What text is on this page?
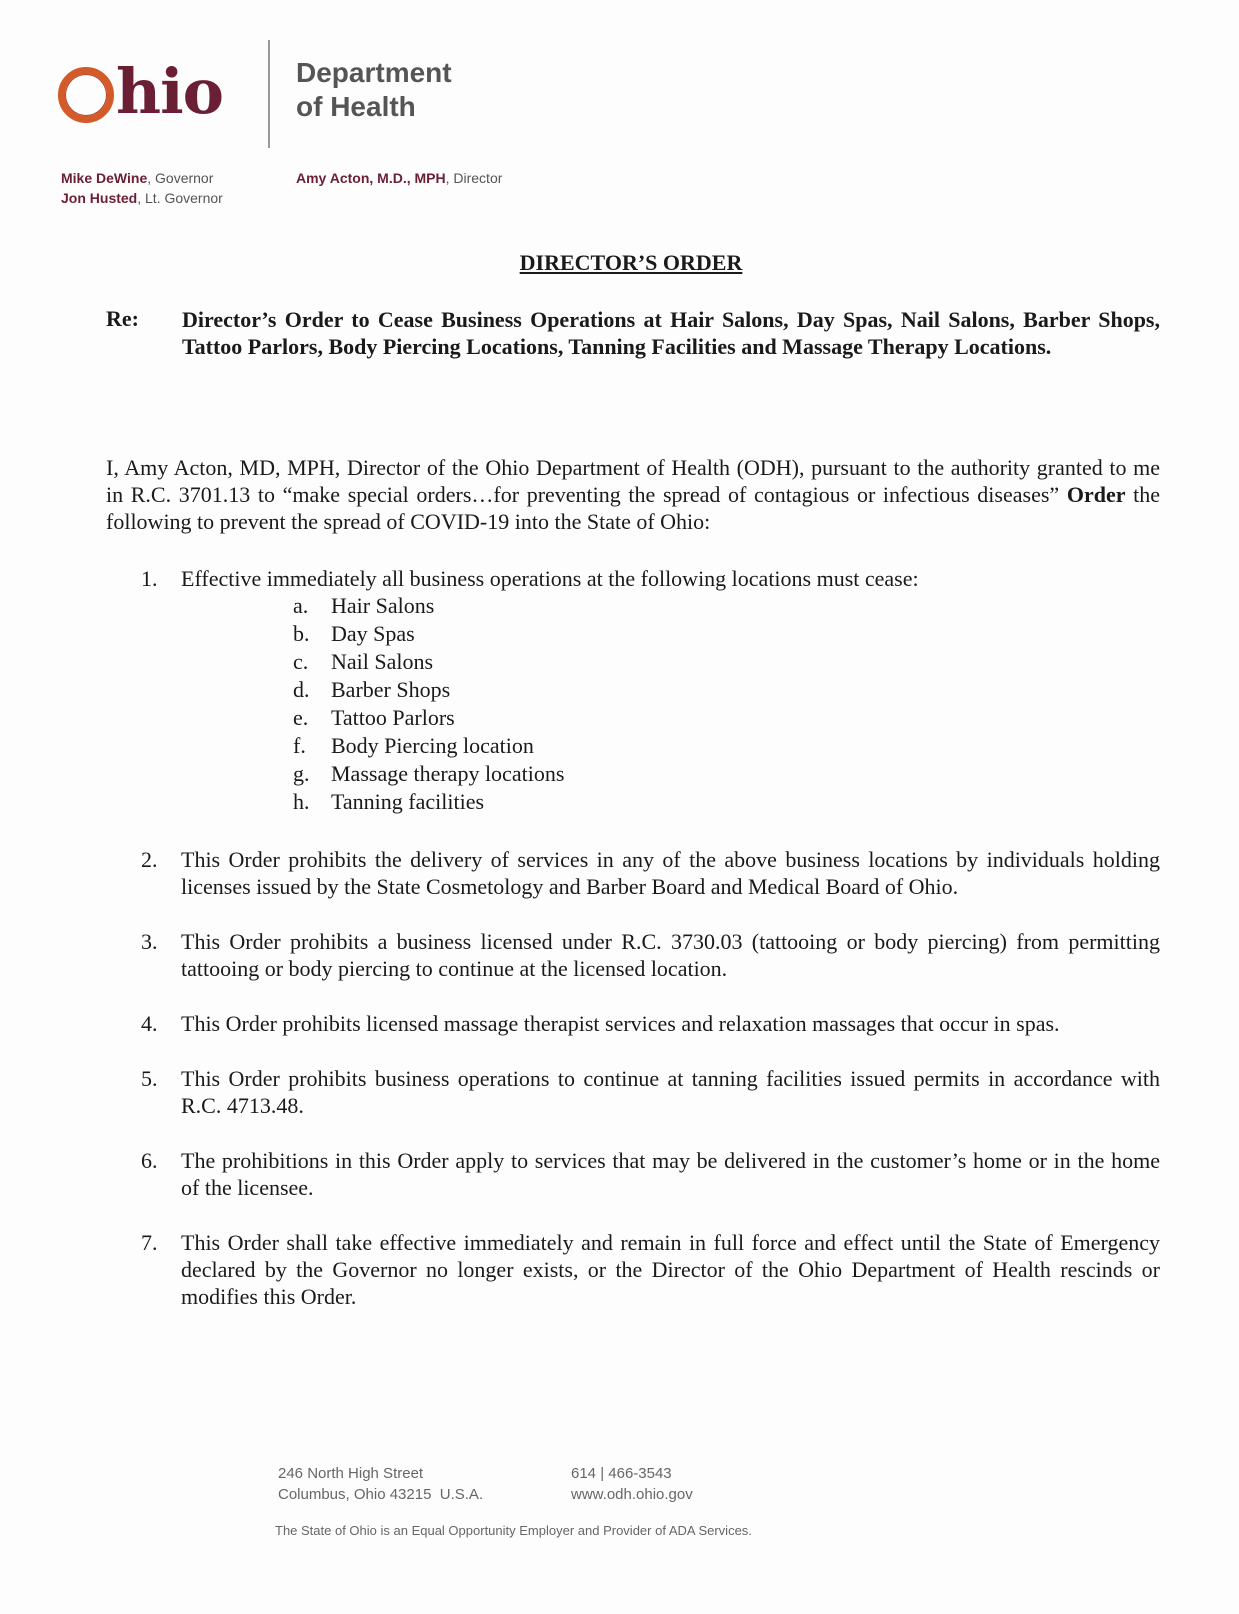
hio	Department
of Health
Mike DeWine, Governor
Jon Husted, Lt. Governor
Amy Acton, M.D., MPH, Director
DIRECTOR’S ORDER
Re: Director’s Order to Cease Business Operations at Hair Salons, Day Spas, Nail Salons, Barber Shops, Tattoo Parlors, Body Piercing Locations, Tanning Facilities and Massage Therapy Locations.
I, Amy Acton, MD, MPH, Director of the Ohio Department of Health (ODH), pursuant to the authority granted to me in R.C. 3701.13 to “make special orders…for preventing the spread of contagious or infectious diseases” Order the following to prevent the spread of COVID-19 into the State of Ohio:
1.	Effective immediately all business operations at the following locations must cease:
a.	Hair Salons
b. Day Spas
c.	Nail Salons
d. Barber Shops
e.	Tattoo Parlors
f.	Body Piercing location
g. Massage therapy locations
h. Tanning facilities
2.	This Order prohibits the delivery of services in any of the above business locations by individuals holding licenses issued by the State Cosmetology and Barber Board and Medical Board of Ohio.
3.	This Order prohibits a business licensed under R.C. 3730.03 (tattooing or body piercing) from permitting tattooing or body piercing to continue at the licensed location.
4.	This Order prohibits licensed massage therapist services and relaxation massages that occur in spas.
5.	This Order prohibits business operations to continue at tanning facilities issued permits in accordance with R.C. 4713.48.
6.	The prohibitions in this Order apply to services that may be delivered in the customer’s home or in the home of the licensee.
7.	This Order shall take effective immediately and remain in full force and effect until the State of Emergency declared by the Governor no longer exists, or the Director of the Ohio Department of Health rescinds or modifies this Order.
246 North High Street
Columbus, Ohio 43215  U.S.A.
614 | 466-3543
www.odh.ohio.gov
The State of Ohio is an Equal Opportunity Employer and Provider of ADA Services.
